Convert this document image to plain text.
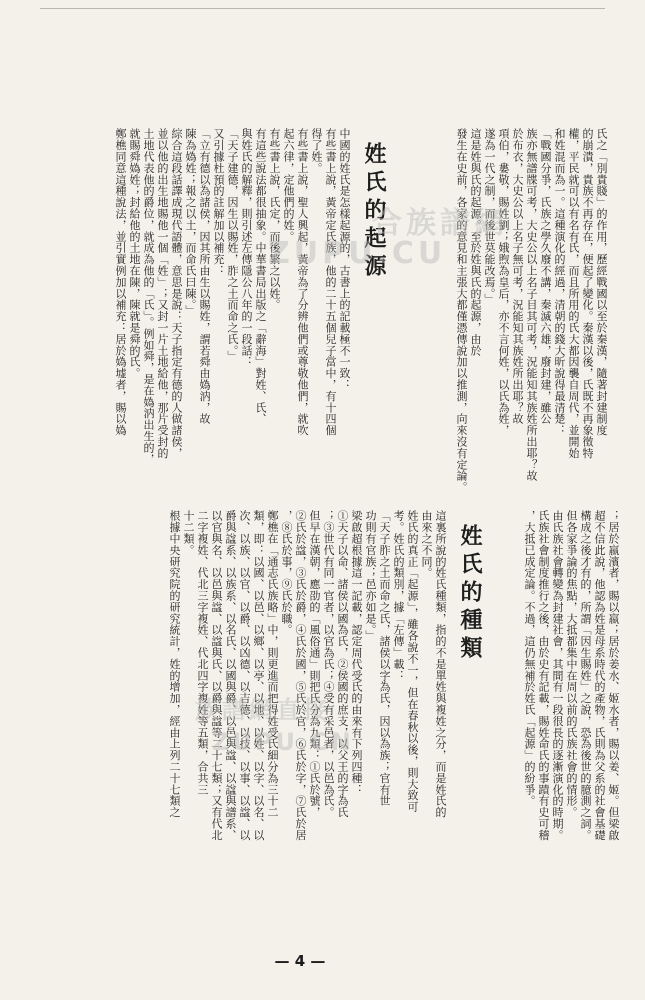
氏之「別貴賤」的作用，歷經戰國以至於秦漢，隨著封建制度
的崩潰，貴族不再存在，便起了變化。秦漢以後，氏既不再象徵特
權，平民就可以有名有氏，而且所用的氏大都因襲自周代，並開始
和姓混而為一。這種演化的經過，清朝的錢大昕說得最清楚：
「戰國分爭，氏族之學久廢不講，秦滅六雄，廢封建，雖公
族亦無譜牒可考，大史公以上名子目其可考，況能知其族姓所出耶？故
於布衣，大史公以上名子無可考，況能知其族姓所出耶？故
項伯，婁敬，賜姓劉；娥煦為皇后，亦不言何姓，以氏為姓，
遂為一代之制，而後世莫能改焉。」
這是姓與氏的起源。至於姓與氏的起源，由於
發生在史前，各家的意見和主張大都僅憑傳說加以推測，向來沒有定論。
姓氏的起源
中國的姓氏是怎樣起源的，古書上的記載極不一致：
有些書上說，黃帝定氏族，他的二十五個兒子當中，有十四個
得了姓。
有些書上說，聖人興起，黃帝為了分辨他們或尊敬他們，就吹
起六律，定他們的姓。
有些書上說，氏定，而後繁之以姓。
有這些說法都很抽象。中華書局出版之「辭海」對姓、氏、
與姓氏的解釋，則引述左傳隱公八年的一段話：
「天子建德，因生以賜姓，胙之土而命之氏。」
又引據杜預的註解加以補充：
「立有德以為諸侯，因其所由生以賜姓，謂若舜由媯汭，故
陳為媯姓；報之以土，而命氏曰陳。」
綜合這段話譯成現代語體，意思是說：天子指定有德的人做諸侯，
並以他的出生地賜他一個「姓」；又封一片土地給他，那片受封的
土地代表他的爵位，就成為他的「氏」。例如舜，是在媯汭出生的，
就賜舜媯姓；封給他的土地在陳，陳就是舜的氏。
鄭樵同意這種說法，並引實例加以補充：居於媯墟者，賜以媯
；居於嬴濱者，賜以嬴；居於姜水、姬水者，賜以姜、姬。但梁啟
超不信此說，他認為姓是母系時代的產物，氏則為父系的社會基礎
構成之後才有的，所謂「因生賜姓」之說，恐為後世的臆測之詞。
但各家爭論的焦點，大抵都集中在周以前的氏族社會的情形。
由氏族社會轉變為封建社會，其間有一段很長的逐漸演化的時期。
氏族社會制度推行之後，由於史有記載，賜姓命氏的事蹟有史可稽
，大抵已成定論。不過，這仍無補於姓氏「起源」的紛爭。
姓氏的種類
這裏所說的姓氏種類，指的不是單姓與複姓之分，而是姓氏的
由來之不同。
姓氏的真正「起源」，雖各說不一，但在春秋以後，則大致可
考。姓氏的類別，據「左傳」載：
「天子胙之土而命之氏，諸侯以字為氏，因以為族；官有世
功則有官族；邑亦如是。」
梁啟超根據這一記載，認定周代受氏的由來有下列四種：
①天子以命、諸侯以國為氏，②侯國的庶支，以父王的字為氏
；③世代有同一官者，以官為氏；④受有采邑者，以邑為氏。
但早在漢朝，應劭的「風俗通」則把氏分為九類：①氏於號，
②氏於諡，③氏於爵，④氏於國，⑤氏於官，⑥氏於字，⑦氏於居
，⑧氏於事，⑨氏於職。
鄭樵在「通志氏族略」中，則更進而把得姓受氏細分為三十二
類，即：以國、以邑、以鄉、以亭、以地、以姓、以字、以名、以
次、以族、以官、以爵、以凶德、以吉德、以技、以事、以諡、以
爵與諡系、以族系、以名氏、以國與爵、以邑與諡、以諡與譜系、
以官與名、以邑與諡、以諡與氏、以爵與諡等二十七類；又有代北
二字複姓、代北三字複姓、代北四字複姓等五類，合共三
十二類。
根據中央研究院的研究統計，姓的增加，經由上列二十七類之
合族譜網
ZUPU.CU
族譜網直接
ZUPU.CN
— 4 —
